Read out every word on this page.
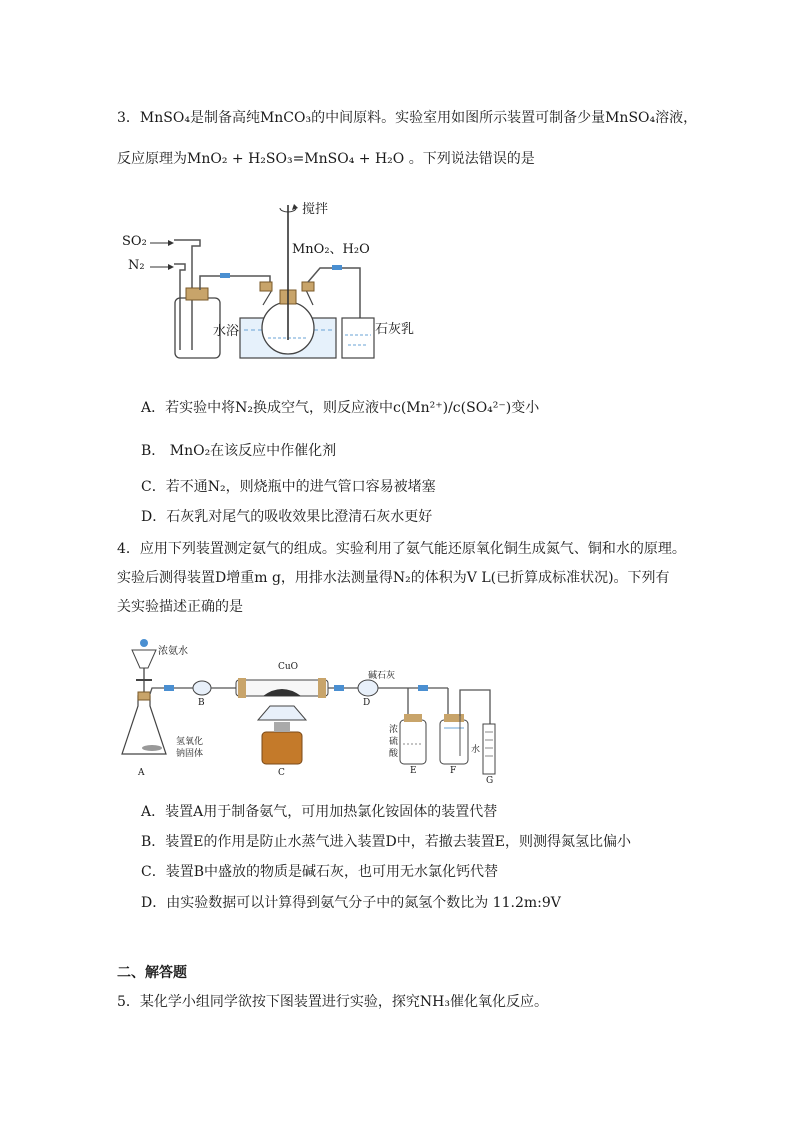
3．MnSO₄是制备高纯MnCO₃的中间原料。实验室用如图所示装置可制备少量MnSO₄溶液，
反应原理为MnO₂ + H₂SO₃=MnSO₄ + H₂O 。下列说法错误的是
SO₂
N₂
搅拌
MnO₂、H₂O
水浴	石灰乳
A．若实验中将N₂换成空气，则反应液中c(Mn²⁺)/c(SO₄²⁻)变小
B． MnO₂在该反应中作催化剂
C．若不通N₂，则烧瓶中的进气管口容易被堵塞
D．石灰乳对尾气的吸收效果比澄清石灰水更好
4．应用下列装置测定氨气的组成。实验利用了氨气能还原氧化铜生成氮气、铜和水的原理。
实验后测得装置D增重m g，用排水法测量得N₂的体积为V L(已折算成标准状况)。下列有
关实验描述正确的是
浓氨水
氢氧化
钠固体
CuO
碱石灰
浓
硫
酸	水
A
B
C
D
E	F
G
A．装置A用于制备氨气，可用加热氯化铵固体的装置代替
B．装置E的作用是防止水蒸气进入装置D中，若撤去装置E，则测得氮氢比偏小
C．装置B中盛放的物质是碱石灰，也可用无水氯化钙代替
D．由实验数据可以计算得到氨气分子中的氮氢个数比为 11.2m:9V
二、解答题
5．某化学小组同学欲按下图装置进行实验，探究NH₃催化氧化反应。
